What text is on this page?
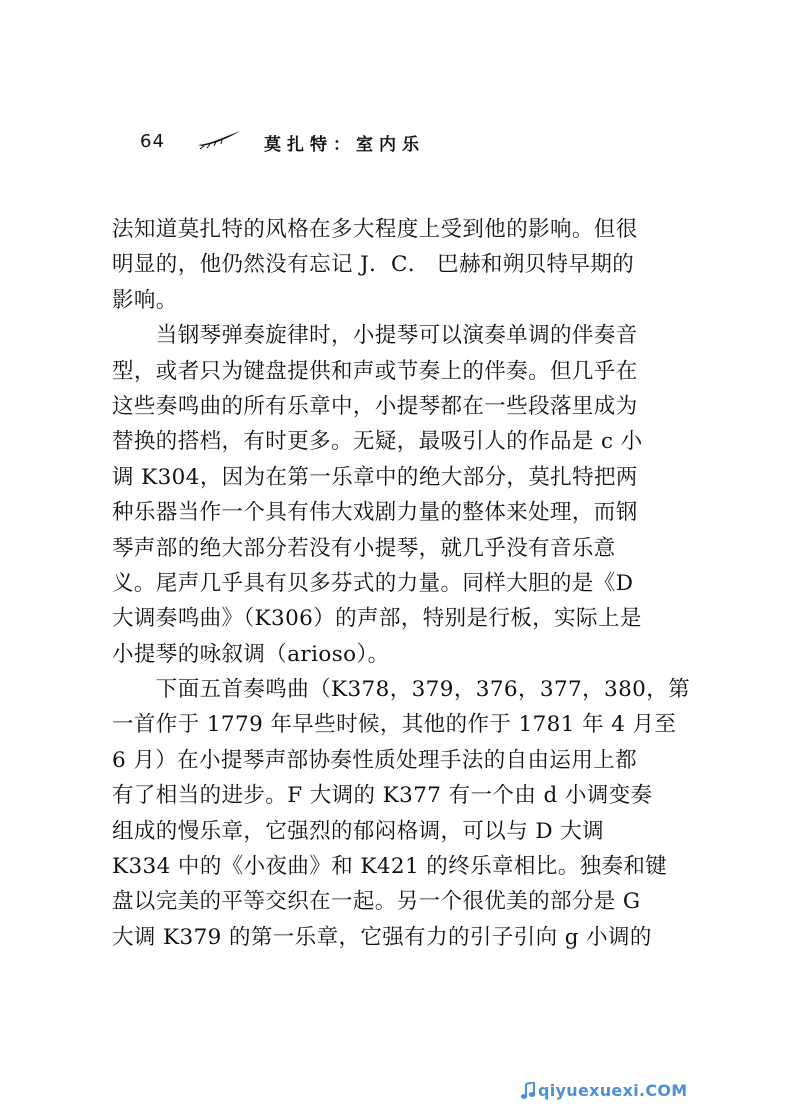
64	莫扎特：室内乐
法知道莫扎特的风格在多大程度上受到他的影响。但很
明显的，他仍然没有忘记 J．C． 巴赫和朔贝特早期的
影响。
　　当钢琴弹奏旋律时，小提琴可以演奏单调的伴奏音
型，或者只为键盘提供和声或节奏上的伴奏。但几乎在
这些奏鸣曲的所有乐章中，小提琴都在一些段落里成为
替换的搭档，有时更多。无疑，最吸引人的作品是 c 小
调 K304，因为在第一乐章中的绝大部分，莫扎特把两
种乐器当作一个具有伟大戏剧力量的整体来处理，而钢
琴声部的绝大部分若没有小提琴，就几乎没有音乐意
义。尾声几乎具有贝多芬式的力量。同样大胆的是《D
大调奏鸣曲》（K306）的声部，特别是行板，实际上是
小提琴的咏叙调（arioso）。
　　下面五首奏鸣曲（K378，379，376，377，380，第
一首作于 1779 年早些时候，其他的作于 1781 年 4 月至
6 月）在小提琴声部协奏性质处理手法的自由运用上都
有了相当的进步。F 大调的 K377 有一个由 d 小调变奏
组成的慢乐章，它强烈的郁闷格调，可以与 D 大调
K334 中的《小夜曲》和 K421 的终乐章相比。独奏和键
盘以完美的平等交织在一起。另一个很优美的部分是 G
大调 K379 的第一乐章，它强有力的引子引向 g 小调的
qiyuexuexi.COM
